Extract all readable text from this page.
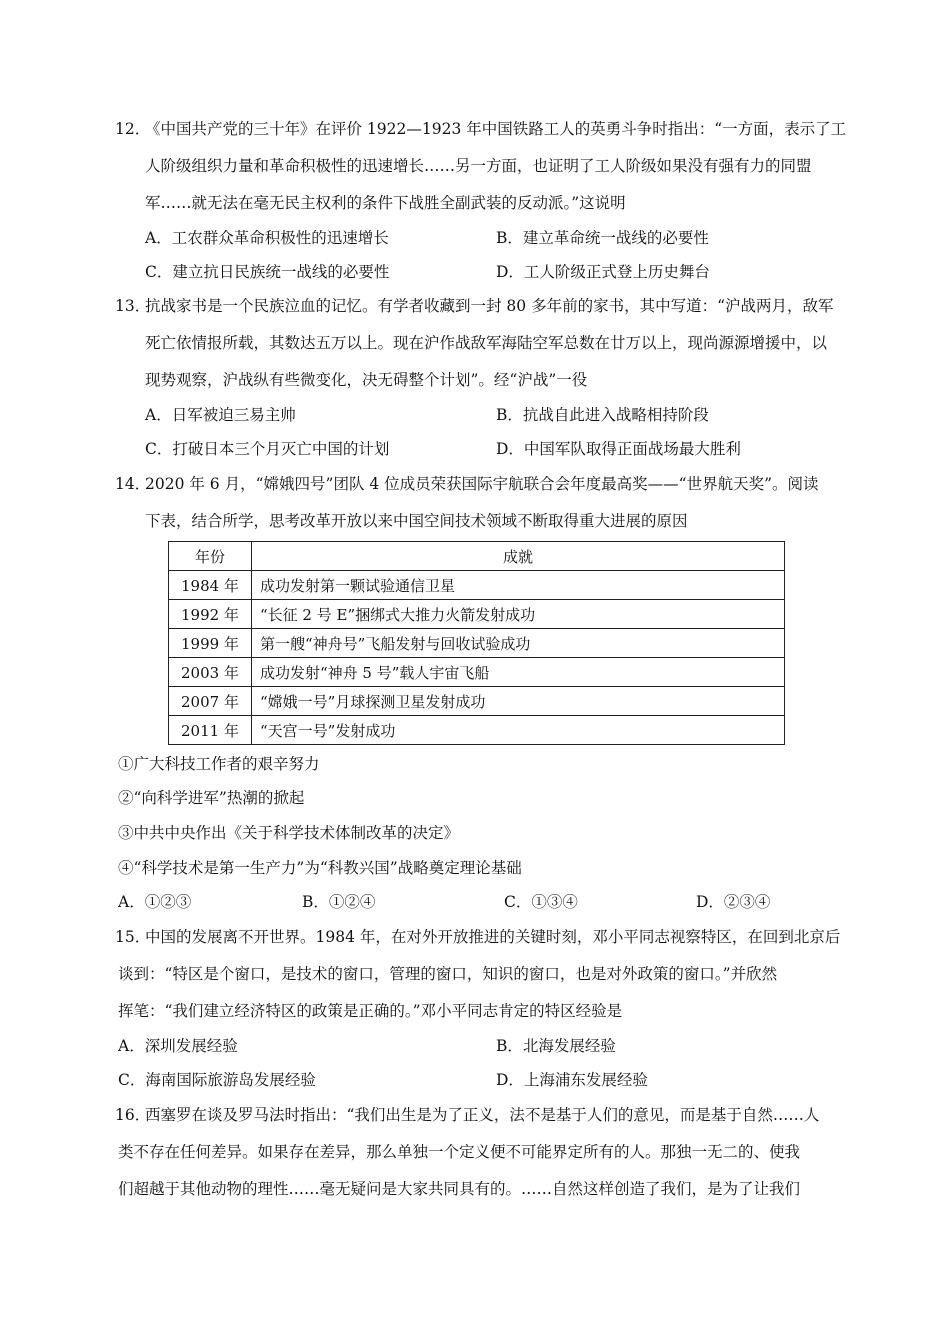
12．
《中国共产党的三十年》在评价 1922—1923 年中国铁路工人的英勇斗争时指出：“一方面，表示了工
人阶级组织力量和革命积极性的迅速增长……另一方面，也证明了工人阶级如果没有强有力的同盟
军……就无法在毫无民主权利的条件下战胜全副武装的反动派。”这说明
A．工农群众革命积极性的迅速增长	B．建立革命统一战线的必要性
C．建立抗日民族统一战线的必要性	D．工人阶级正式登上历史舞台
13．
抗战家书是一个民族泣血的记忆。有学者收藏到一封 80 多年前的家书，其中写道：“沪战两月，敌军
死亡依情报所载，其数达五万以上。现在沪作战敌军海陆空军总数在廿万以上，现尚源源增援中，以
现势观察，沪战纵有些微变化，决无碍整个计划”。经“沪战”一役
A．日军被迫三易主帅	B．抗战自此进入战略相持阶段
C．打破日本三个月灭亡中国的计划	D．中国军队取得正面战场最大胜利
14．
2020 年 6 月，“嫦娥四号”团队 4 位成员荣获国际宇航联合会年度最高奖——“世界航天奖”。阅读
下表，结合所学，思考改革开放以来中国空间技术领域不断取得重大进展的原因
年份	成就
1984 年	成功发射第一颗试验通信卫星
1992 年	“长征 2 号 E”捆绑式大推力火箭发射成功
1999 年	第一艘“神舟号”飞船发射与回收试验成功
2003 年	成功发射“神舟 5 号”载人宇宙飞船
2007 年	“嫦娥一号”月球探测卫星发射成功
2011 年	“天宫一号”发射成功
①广大科技工作者的艰辛努力
②“向科学进军”热潮的掀起
③中共中央作出《关于科学技术体制改革的决定》
④“科学技术是第一生产力”为“科教兴国”战略奠定理论基础
A．①②③	B．①②④	C．①③④	D．②③④
15．
中国的发展离不开世界。1984 年，在对外开放推进的关键时刻，邓小平同志视察特区，在回到北京后
谈到：“特区是个窗口，是技术的窗口，管理的窗口，知识的窗口，也是对外政策的窗口。”并欣然
挥笔：“我们建立经济特区的政策是正确的。”邓小平同志肯定的特区经验是
A．深圳发展经验	B．北海发展经验
C．海南国际旅游岛发展经验	D．上海浦东发展经验
16．
西塞罗在谈及罗马法时指出：“我们出生是为了正义，法不是基于人们的意见，而是基于自然……人
类不存在任何差异。如果存在差异，那么单独一个定义便不可能界定所有的人。那独一无二的、使我
们超越于其他动物的理性……毫无疑问是大家共同具有的。……自然这样创造了我们，是为了让我们
